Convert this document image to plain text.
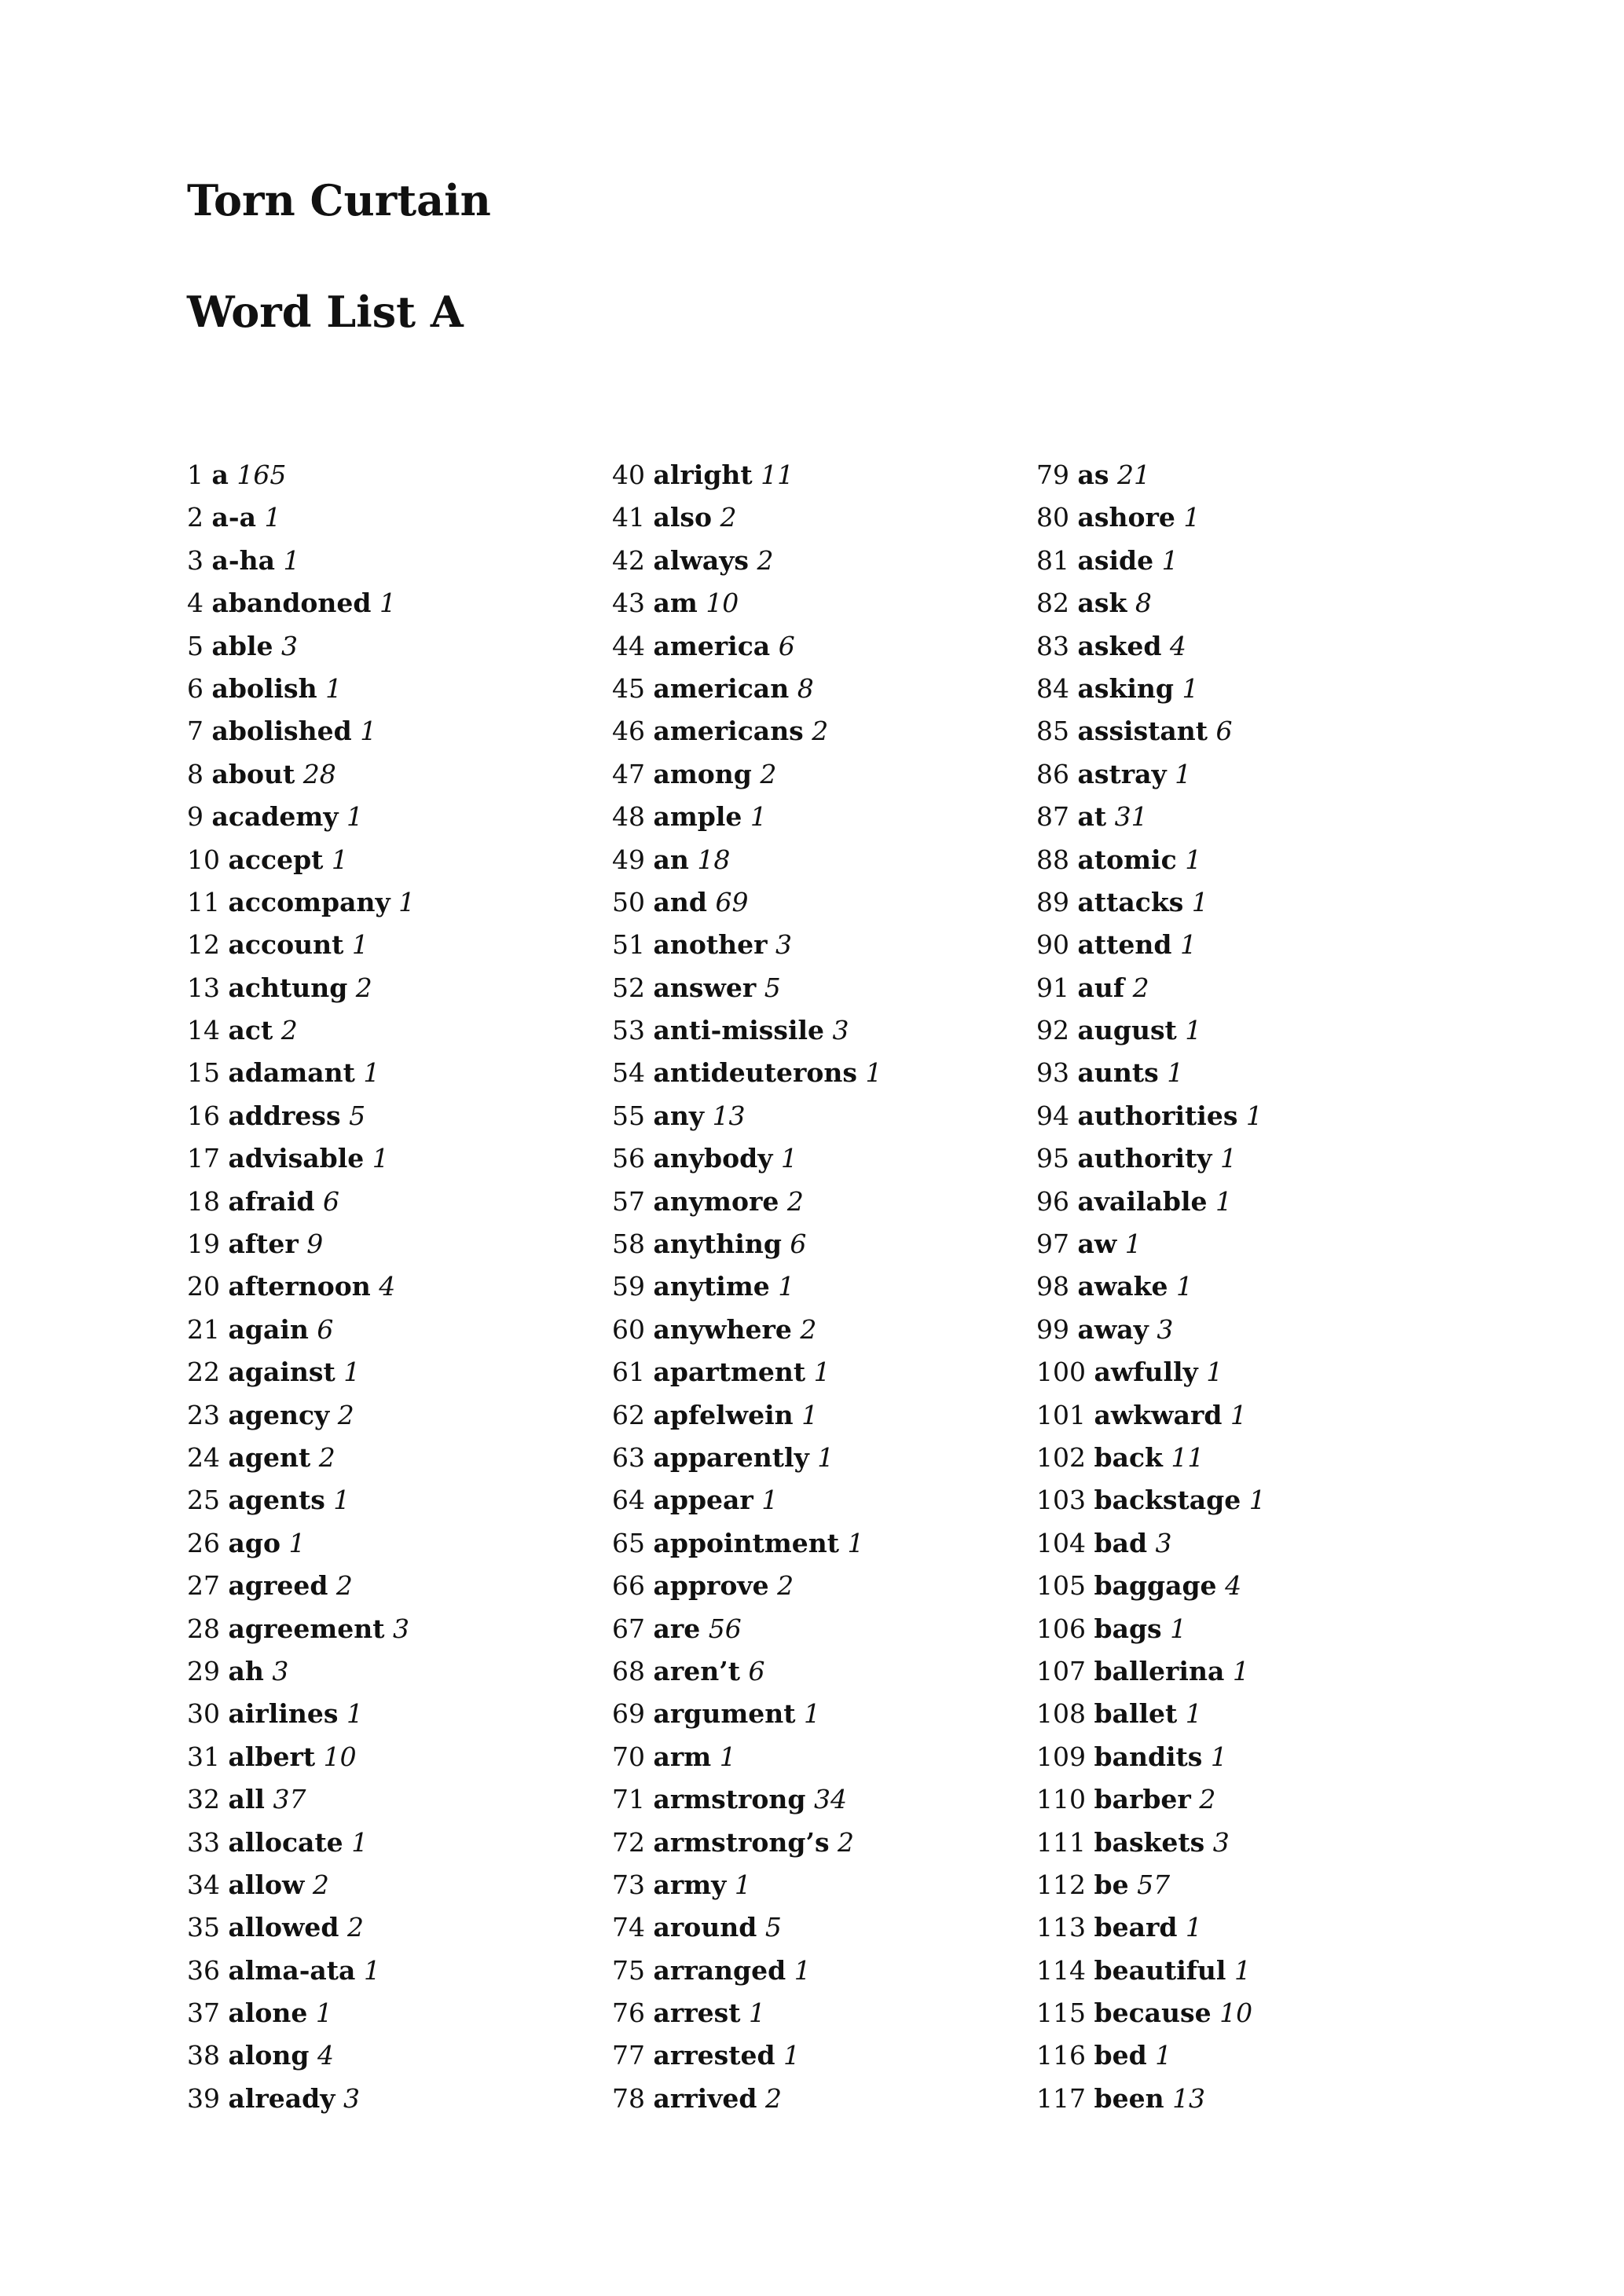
Torn Curtain
Word List A
1 a 165
2 a-a 1
3 a-ha 1
4 abandoned 1
5 able 3
6 abolish 1
7 abolished 1
8 about 28
9 academy 1
10 accept 1
11 accompany 1
12 account 1
13 achtung 2
14 act 2
15 adamant 1
16 address 5
17 advisable 1
18 afraid 6
19 after 9
20 afternoon 4
21 again 6
22 against 1
23 agency 2
24 agent 2
25 agents 1
26 ago 1
27 agreed 2
28 agreement 3
29 ah 3
30 airlines 1
31 albert 10
32 all 37
33 allocate 1
34 allow 2
35 allowed 2
36 alma-ata 1
37 alone 1
38 along 4
39 already 3
40 alright 11
41 also 2
42 always 2
43 am 10
44 america 6
45 american 8
46 americans 2
47 among 2
48 ample 1
49 an 18
50 and 69
51 another 3
52 answer 5
53 anti-missile 3
54 antideuterons 1
55 any 13
56 anybody 1
57 anymore 2
58 anything 6
59 anytime 1
60 anywhere 2
61 apartment 1
62 apfelwein 1
63 apparently 1
64 appear 1
65 appointment 1
66 approve 2
67 are 56
68 aren’t 6
69 argument 1
70 arm 1
71 armstrong 34
72 armstrong’s 2
73 army 1
74 around 5
75 arranged 1
76 arrest 1
77 arrested 1
78 arrived 2
79 as 21
80 ashore 1
81 aside 1
82 ask 8
83 asked 4
84 asking 1
85 assistant 6
86 astray 1
87 at 31
88 atomic 1
89 attacks 1
90 attend 1
91 auf 2
92 august 1
93 aunts 1
94 authorities 1
95 authority 1
96 available 1
97 aw 1
98 awake 1
99 away 3
100 awfully 1
101 awkward 1
102 back 11
103 backstage 1
104 bad 3
105 baggage 4
106 bags 1
107 ballerina 1
108 ballet 1
109 bandits 1
110 barber 2
111 baskets 3
112 be 57
113 beard 1
114 beautiful 1
115 because 10
116 bed 1
117 been 13
